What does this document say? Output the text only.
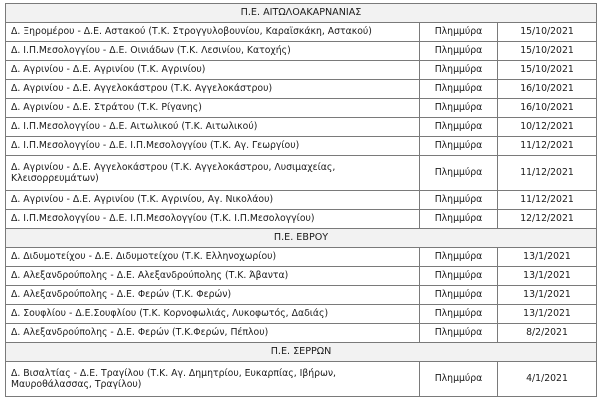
Π.Ε. ΑΙΤΩΛΟΑΚΑΡΝΑΝΙΑΣ		
Δ. Ξηρομέρου - Δ.Ε. Αστακού (Τ.Κ. Στρογγυλοβουνίου, Καραϊσκάκη, Αστακού)	Πλημμύρα	15/10/2021
Δ. Ι.Π.Μεσολογγίου - Δ.Ε. Οινιάδων (Τ.Κ. Λεσινίου, Κατοχής)	Πλημμύρα	15/10/2021
Δ. Αγρινίου - Δ.Ε. Αγρινίου (Τ.Κ. Αγρινίου)	Πλημμύρα	15/10/2021
Δ. Αγρινίου - Δ.Ε. Αγγελοκάστρου (Τ.Κ. Αγγελοκάστρου)	Πλημμύρα	16/10/2021
Δ. Αγρινίου - Δ.Ε. Στράτου (Τ.Κ. Ρίγανης)	Πλημμύρα	16/10/2021
Δ. Ι.Π.Μεσολογγίου - Δ.Ε. Αιτωλικού (Τ.Κ. Αιτωλικού)	Πλημμύρα	10/12/2021
Δ. Ι.Π.Μεσολογγίου - Δ.Ε. Ι.Π.Μεσολογγίου (Τ.Κ. Αγ. Γεωργίου)	Πλημμύρα	11/12/2021
Δ. Αγρινίου - Δ.Ε. Αγγελοκάστρου (Τ.Κ. Αγγελοκάστρου, Λυσιμαχείας, Κλεισορρευμάτων)	Πλημμύρα	11/12/2021
Δ. Αγρινίου - Δ.Ε. Αγρινίου (Τ.Κ. Αγρινίου, Αγ. Νικολάου)	Πλημμύρα	11/12/2021
Δ. Ι.Π.Μεσολογγίου - Δ.Ε. Ι.Π.Μεσολογγίου (Τ.Κ. Ι.Π.Μεσολογγίου)	Πλημμύρα	12/12/2021
Π.Ε. ΕΒΡΟΥ		
Δ. Διδυμοτείχου - Δ.Ε. Διδυμοτείχου (Τ.Κ. Ελληνοχωρίου)	Πλημμύρα	13/1/2021
Δ. Αλεξανδρούπολης - Δ.Ε. Αλεξανδρούπολης (Τ.Κ. Άβαντα)	Πλημμύρα	13/1/2021
Δ. Αλεξανδρούπολης - Δ.Ε. Φερών (Τ.Κ. Φερών)	Πλημμύρα	13/1/2021
Δ. Σουφλίου - Δ.Ε.Σουφλίου (Τ.Κ. Κορνοφωλιάς, Λυκοφωτός, Δαδιάς)	Πλημμύρα	13/1/2021
Δ. Αλεξανδρούπολης - Δ.Ε. Φερών (Τ.Κ.Φερών, Πέπλου)	Πλημμύρα	8/2/2021
Π.Ε. ΣΕΡΡΩΝ		
Δ. Βισαλτίας - Δ.Ε. Τραγίλου (Τ.Κ. Αγ. Δημητρίου, Ευκαρπίας, Ιβήρων, Μαυροθάλασσας, Τραγίλου)	Πλημμύρα	4/1/2021
